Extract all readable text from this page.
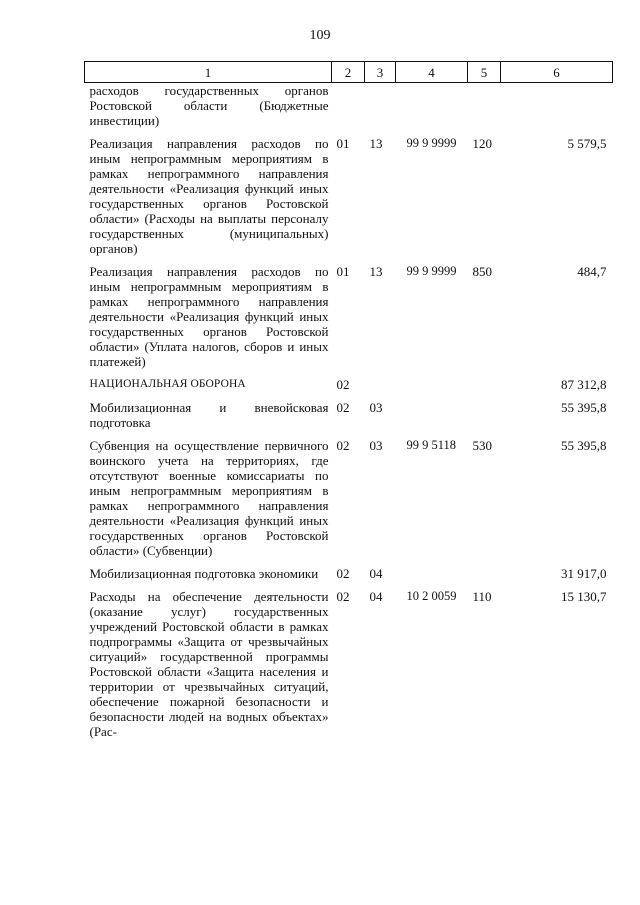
109
1	2	3	4	5	6
расходов государственных органов Ростовской области (Бюджетные инвестиции)					
Реализация направления расходов по иным непрограммным мероприятиям в рамках непрограммного направления деятельности «Реализация функций иных государственных органов Ростовской области» (Расходы на выплаты персоналу государственных (муниципальных) органов)	01	13	99 9 9999	120	5 579,5
Реализация направления расходов по иным непрограммным мероприятиям в рамках непрограммного направления деятельности «Реализация функций иных государственных органов Ростовской области» (Уплата налогов, сборов и иных платежей)	01	13	99 9 9999	850	484,7
НАЦИОНАЛЬНАЯ ОБОРОНА	02				87 312,8
Мобилизационная и вневойсковая подготовка	02	03			55 395,8
Субвенция на осуществление первичного воинского учета на территориях, где отсутствуют военные комиссариаты по иным непрограммным мероприятиям в рамках непрограммного направления деятельности «Реализация функций иных государственных органов Ростовской области» (Субвенции)	02	03	99 9 5118	530	55 395,8
Мобилизационная подготовка экономики	02	04			31 917,0
Расходы на обеспечение деятельности (оказание услуг) государственных учреждений Ростовской области в рамках подпрограммы «Защита от чрезвычайных ситуаций» государственной программы Ростовской области «Защита населения и территории от чрезвычайных ситуаций, обеспечение пожарной безопасности и безопасности людей на водных объектах» (Рас-	02	04	10 2 0059	110	15 130,7
